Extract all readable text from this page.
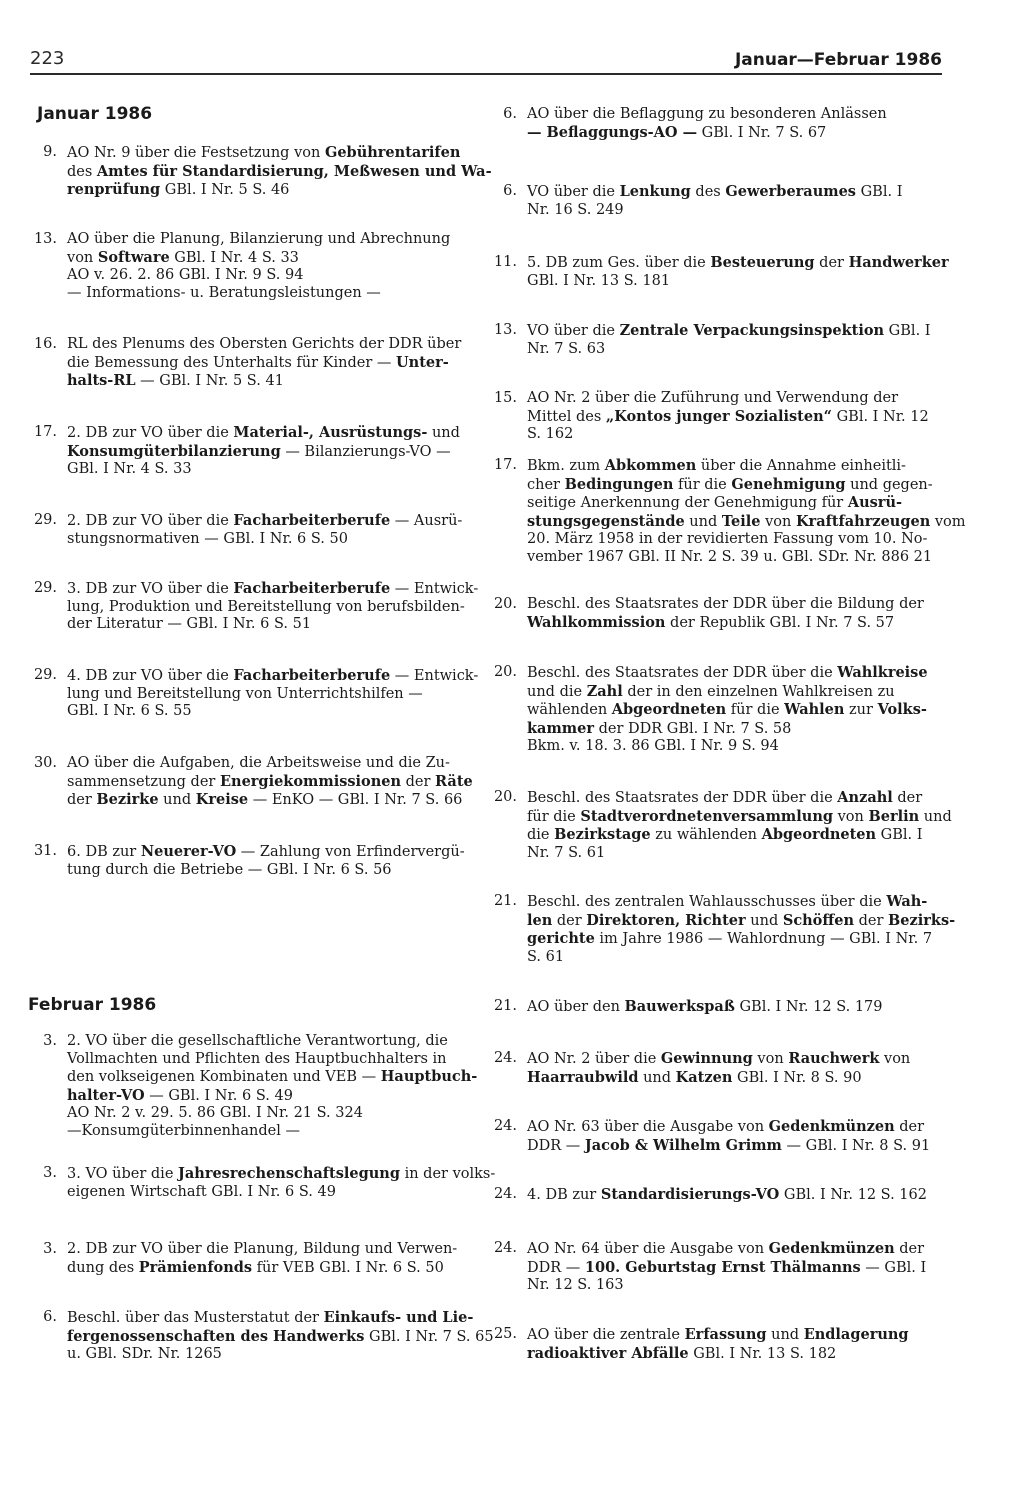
223	Januar—Februar 1986
Januar 1986
Februar 1986
9. AO Nr. 9 über die Festsetzung von Gebührentarifen
des Amtes für Standardisierung, Meßwesen und Wa-
renprüfung GBl. I Nr. 5 S. 46
13. AO über die Planung, Bilanzierung und Abrechnung
von Software GBl. I Nr. 4 S. 33
AO v. 26. 2. 86 GBl. I Nr. 9 S. 94
— Informations- u. Beratungsleistungen —
16. RL des Plenums des Obersten Gerichts der DDR über
die Bemessung des Unterhalts für Kinder — Unter-
halts-RL — GBl. I Nr. 5 S. 41
17. 2. DB zur VO über die Material-, Ausrüstungs- und
Konsumgüterbilanzierung — Bilanzierungs-VO —
GBl. I Nr. 4 S. 33
29. 2. DB zur VO über die Facharbeiterberufe — Ausrü-
stungsnormativen — GBl. I Nr. 6 S. 50
29. 3. DB zur VO über die Facharbeiterberufe — Entwick-
lung, Produktion und Bereitstellung von berufsbilden-
der Literatur — GBl. I Nr. 6 S. 51
29. 4. DB zur VO über die Facharbeiterberufe — Entwick-
lung und Bereitstellung von Unterrichtshilfen —
GBl. I Nr. 6 S. 55
30. AO über die Aufgaben, die Arbeitsweise und die Zu-
sammensetzung der Energiekommissionen der Räte
der Bezirke und Kreise — EnKO — GBl. I Nr. 7 S. 66
31. 6. DB zur Neuerer-VO — Zahlung von Erfindervergü-
tung durch die Betriebe — GBl. I Nr. 6 S. 56
3. 2. VO über die gesellschaftliche Verantwortung, die
Vollmachten und Pflichten des Hauptbuchhalters in
den volkseigenen Kombinaten und VEB — Hauptbuch-
halter-VO — GBl. I Nr. 6 S. 49
AO Nr. 2 v. 29. 5. 86 GBl. I Nr. 21 S. 324
—Konsumgüterbinnenhandel —
3. 3. VO über die Jahresrechenschaftslegung in der volks-
eigenen Wirtschaft GBl. I Nr. 6 S. 49
3. 2. DB zur VO über die Planung, Bildung und Verwen-
dung des Prämienfonds für VEB GBl. I Nr. 6 S. 50
6. Beschl. über das Musterstatut der Einkaufs- und Lie-
fergenossenschaften des Handwerks GBl. I Nr. 7 S. 65
u. GBl. SDr. Nr. 1265
6. AO über die Beflaggung zu besonderen Anlässen
— Beflaggungs-AO — GBl. I Nr. 7 S. 67
6. VO über die Lenkung des Gewerberaumes GBl. I
Nr. 16 S. 249
11. 5. DB zum Ges. über die Besteuerung der Handwerker
GBl. I Nr. 13 S. 181
13. VO über die Zentrale Verpackungsinspektion GBl. I
Nr. 7 S. 63
15. AO Nr. 2 über die Zuführung und Verwendung der
Mittel des „Kontos junger Sozialisten“ GBl. I Nr. 12
S. 162
17. Bkm. zum Abkommen über die Annahme einheitli-
cher Bedingungen für die Genehmigung und gegen-
seitige Anerkennung der Genehmigung für Ausrü-
stungsgegenstände und Teile von Kraftfahrzeugen vom
20. März 1958 in der revidierten Fassung vom 10. No-
vember 1967 GBl. II Nr. 2 S. 39 u. GBl. SDr. Nr. 886 21
20. Beschl. des Staatsrates der DDR über die Bildung der
Wahlkommission der Republik GBl. I Nr. 7 S. 57
20. Beschl. des Staatsrates der DDR über die Wahlkreise
und die Zahl der in den einzelnen Wahlkreisen zu
wählenden Abgeordneten für die Wahlen zur Volks-
kammer der DDR GBl. I Nr. 7 S. 58
Bkm. v. 18. 3. 86 GBl. I Nr. 9 S. 94
20. Beschl. des Staatsrates der DDR über die Anzahl der
für die Stadtverordnetenversammlung von Berlin und
die Bezirkstage zu wählenden Abgeordneten GBl. I
Nr. 7 S. 61
21. Beschl. des zentralen Wahlausschusses über die Wah-
len der Direktoren, Richter und Schöffen der Bezirks-
gerichte im Jahre 1986 — Wahlordnung — GBl. I Nr. 7
S. 61
21. AO über den Bauwerkspaß GBl. I Nr. 12 S. 179
24. AO Nr. 2 über die Gewinnung von Rauchwerk von
Haarraubwild und Katzen GBl. I Nr. 8 S. 90
24. AO Nr. 63 über die Ausgabe von Gedenkmünzen der
DDR — Jacob & Wilhelm Grimm — GBl. I Nr. 8 S. 91
24. 4. DB zur Standardisierungs-VO GBl. I Nr. 12 S. 162
24. AO Nr. 64 über die Ausgabe von Gedenkmünzen der
DDR — 100. Geburtstag Ernst Thälmanns — GBl. I
Nr. 12 S. 163
25. AO über die zentrale Erfassung und Endlagerung
radioaktiver Abfälle GBl. I Nr. 13 S. 182
